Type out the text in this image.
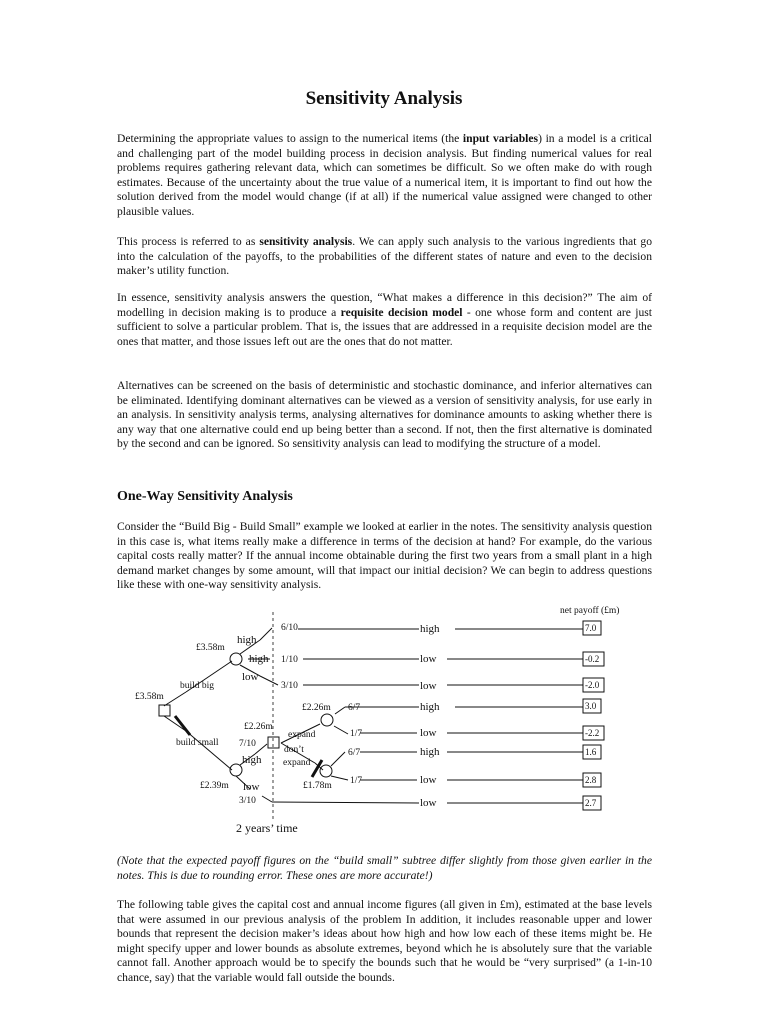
Sensitivity Analysis

Determining the appropriate values to assign to the numerical items (the input variables) in a model is a critical and challenging part of the model building process in decision analysis. But finding numerical values for real problems requires gathering relevant data, which can sometimes be difficult. So we often make do with rough estimates. Because of the uncertainty about the true value of a numerical item, it is important to find out how the solution derived from the model would change (if at all) if the numerical value assigned were changed to other plausible values.

This process is referred to as sensitivity analysis. We can apply such analysis to the various ingredients that go into the calculation of the payoffs, to the probabilities of the different states of nature and even to the decision maker’s utility function.

In essence, sensitivity analysis answers the question, “What makes a difference in this decision?” The aim of modelling in decision making is to produce a requisite decision model - one whose form and content are just sufficient to solve a particular problem. That is, the issues that are addressed in a requisite decision model are the ones that matter, and those issues left out are the ones that do not matter.

Alternatives can be screened on the basis of deterministic and stochastic dominance, and inferior alternatives can be eliminated. Identifying dominant alternatives can be viewed as a version of sensitivity analysis, for use early in an analysis. In sensitivity analysis terms, analysing alternatives for dominance amounts to asking whether there is any way that one alternative could end up being better than a second. If not, then the first alternative is dominated by the second and can be ignored. So sensitivity analysis can lead to modifying the structure of a model.

One-Way Sensitivity Analysis

Consider the “Build Big - Build Small” example we looked at earlier in the notes. The sensitivity analysis question in this case is, what items really make a difference in terms of the decision at hand? For example, do the various capital costs really matter? If the annual income obtainable during the first two years from a small plant in a high demand market changes by some amount, will that impact our initial decision? We can begin to address questions like these with one-way sensitivity analysis.

net payoff (£m)
£3.58m
£3.58m
build big
build small
£2.39m
6/10
1/10
3/10
£2.26m
7/10
3/10
£2.26m
expand
don’t
expand
£1.78m
6/7
1/7
6/7
1/7
7.0
-0.2
-2.0
3.0
-2.2
1.6
2.8
2.7
high
high
low
high
low
high
low
low
high
low
high
low
low
2 years’ time

(Note that the expected payoff figures on the “build small” subtree differ slightly from those given earlier in the notes. This is due to rounding error. These ones are more accurate!)

The following table gives the capital cost and annual income figures (all given in £m), estimated at the base levels that were assumed in our previous analysis of the problem In addition, it includes reasonable upper and lower bounds that represent the decision maker’s ideas about how high and how low each of these items might be. He might specify upper and lower bounds as absolute extremes, beyond which he is absolutely sure that the variable cannot fall. Another approach would be to specify the bounds such that he would be “very surprised” (a 1-in-10 chance, say) that the variable would fall outside the bounds.
